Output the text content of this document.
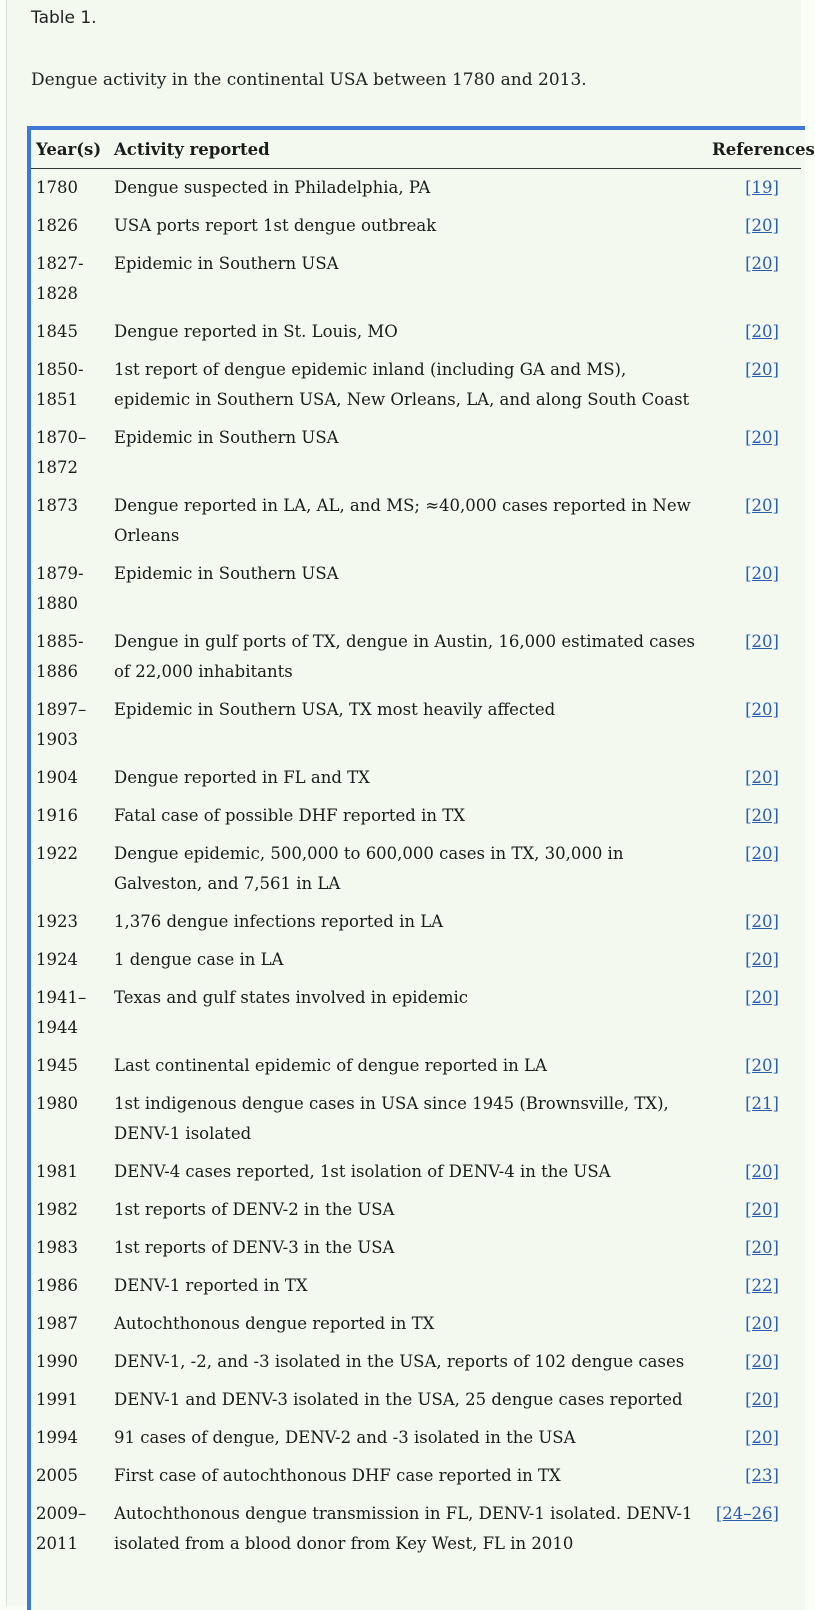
Table 1.
Dengue activity in the continental USA between 1780 and 2013.
Year(s)	Activity reported	References
1780	Dengue suspected in Philadelphia, PA	[19]
1826	USA ports report 1st dengue outbreak	[20]
1827-
1828	Epidemic in Southern USA	[20]
1845	Dengue reported in St. Louis, MO	[20]
1850-
1851	1st report of dengue epidemic inland (including GA and MS), epidemic in Southern USA, New Orleans, LA, and along South Coast	[20]
1870–
1872	Epidemic in Southern USA	[20]
1873	Dengue reported in LA, AL, and MS; ≈40,000 cases reported in New Orleans	[20]
1879-
1880	Epidemic in Southern USA	[20]
1885-
1886	Dengue in gulf ports of TX, dengue in Austin, 16,000 estimated cases of 22,000 inhabitants	[20]
1897–
1903	Epidemic in Southern USA, TX most heavily affected	[20]
1904	Dengue reported in FL and TX	[20]
1916	Fatal case of possible DHF reported in TX	[20]
1922	Dengue epidemic, 500,000 to 600,000 cases in TX, 30,000 in Galveston, and 7,561 in LA	[20]
1923	1,376 dengue infections reported in LA	[20]
1924	1 dengue case in LA	[20]
1941–
1944	Texas and gulf states involved in epidemic	[20]
1945	Last continental epidemic of dengue reported in LA	[20]
1980	1st indigenous dengue cases in USA since 1945 (Brownsville, TX), DENV-1 isolated	[21]
1981	DENV-4 cases reported, 1st isolation of DENV-4 in the USA	[20]
1982	1st reports of DENV-2 in the USA	[20]
1983	1st reports of DENV-3 in the USA	[20]
1986	DENV-1 reported in TX	[22]
1987	Autochthonous dengue reported in TX	[20]
1990	DENV-1, -2, and -3 isolated in the USA, reports of 102 dengue cases	[20]
1991	DENV-1 and DENV-3 isolated in the USA, 25 dengue cases reported	[20]
1994	91 cases of dengue, DENV-2 and -3 isolated in the USA	[20]
2005	First case of autochthonous DHF case reported in TX	[23]
2009–
2011	Autochthonous dengue transmission in FL, DENV-1 isolated. DENV-1 isolated from a blood donor from Key West, FL in 2010	[24–26]
